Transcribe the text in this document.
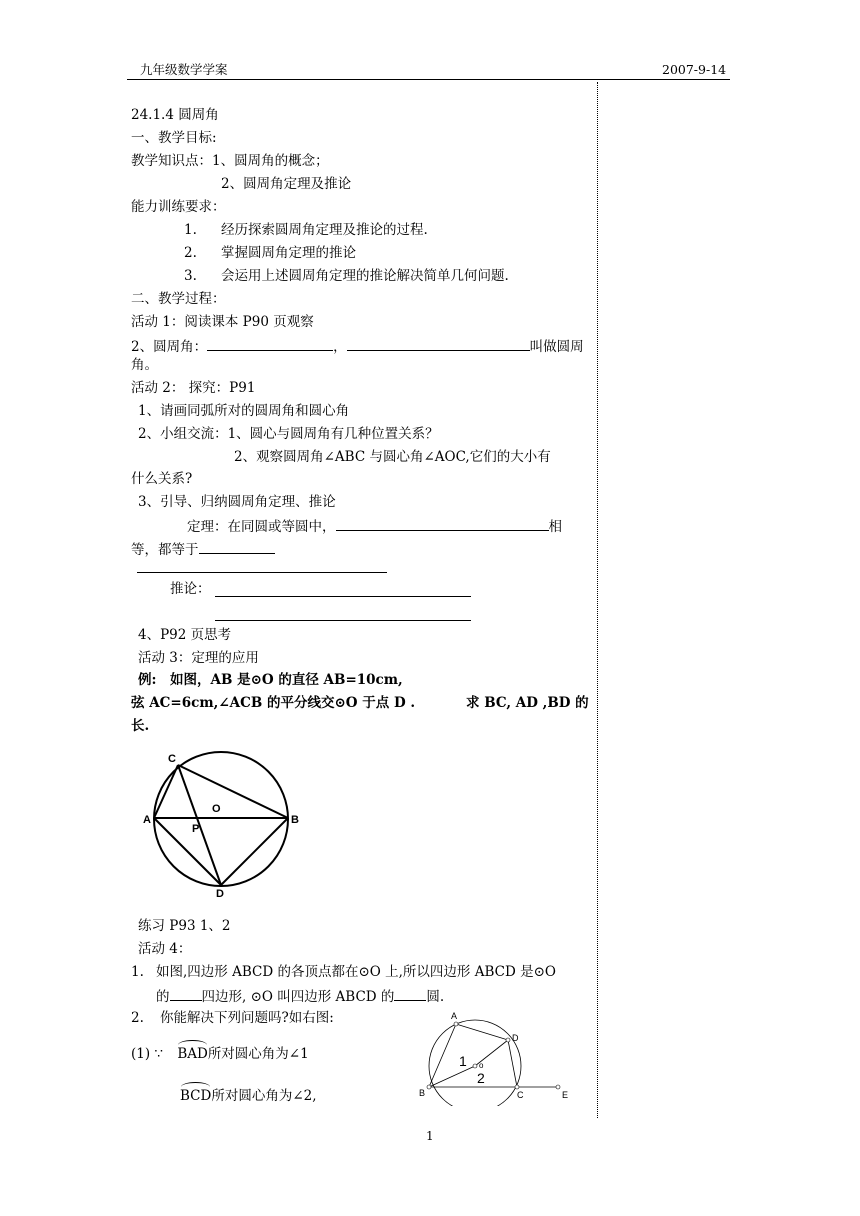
九年级数学学案	2007-9-14
24.1.4 圆周角
一、教学目标:
教学知识点：1、圆周角的概念；
2、圆周角定理及推论
能力训练要求：
1. 经历探索圆周角定理及推论的过程.
2. 掌握圆周角定理的推论
3. 会运用上述圆周角定理的推论解决简单几何问题.
二、教学过程：
活动 1：阅读课本 P90 页观察
2、圆周角：	，	叫做圆周
角。
活动 2： 探究：P91
1、请画同弧所对的圆周角和圆心角
2、小组交流：1、圆心与圆周角有几种位置关系？
2、观察圆周角∠ABC 与圆心角∠AOC,它们的大小有
什么关系?
3、引导、归纳圆周角定理、推论
定理：在同圆或等圆中，	相
等，都等于
推论：
4、P92 页思考
活动 3：定理的应用
例: 如图，AB 是⊙O 的直径 AB=10cm,
弦 AC=6cm,∠ACB 的平分线交⊙O 于点 D .	求 BC, AD ,BD 的
长.
C
O
A
P
B
D
练习 P93 1、2
活动 4：
1. 如图,四边形 ABCD 的各顶点都在⊙O 上,所以四边形 ABCD 是⊙O
的 四边形, ⊙O 叫四边形 ABCD 的 圆.
2. 你能解决下列问题吗?如右图:
(1) ∵ BAD所对圆心角为∠1
BCD所对圆心角为∠2,
A
D
1 o
2
B	C	E
1
